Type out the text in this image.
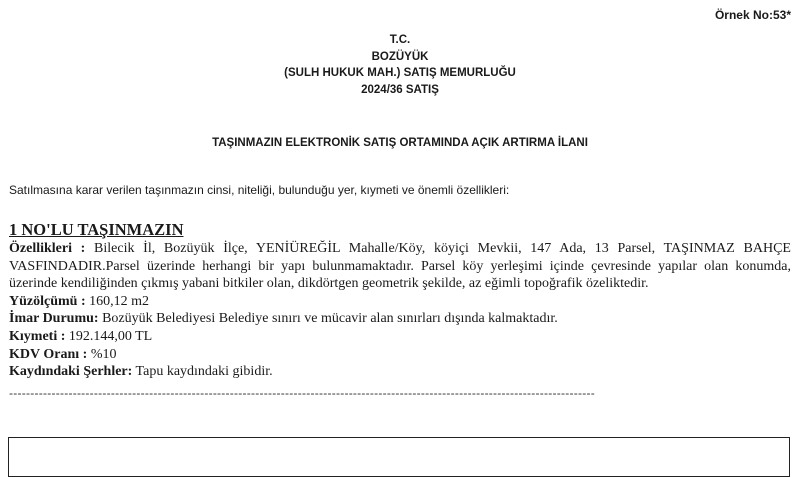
Örnek No:53*
T.C.
BOZÜYÜK
(SULH HUKUK MAH.) SATIŞ MEMURLUĞU
2024/36 SATIŞ
TAŞINMAZIN ELEKTRONİK SATIŞ ORTAMINDA AÇIK ARTIRMA İLANI
Satılmasına karar verilen taşınmazın cinsi, niteliği, bulunduğu yer, kıymeti ve önemli özellikleri:
1 NO'LU TAŞINMAZIN

Özellikleri : Bilecik İl, Bozüyük İlçe, YENİÜREĞİL Mahalle/Köy, köyiçi Mevkii, 147 Ada, 13 Parsel, TAŞINMAZ BAHÇE VASFINDADIR.Parsel üzerinde herhangi bir yapı bulunmamaktadır. Parsel köy yerleşimi içinde çevresinde yapılar olan konumda, üzerinde kendiliğinden çıkmış yabani bitkiler olan, dikdörtgen geometrik şekilde, az eğimli topoğrafik özeliktedir.

Yüzölçümü : 160,12 m2

İmar Durumu: Bozüyük Belediyesi Belediye sınırı ve mücavir alan sınırları dışında kalmaktadır.

Kıymeti : 192.144,00 TL

KDV Oranı : %10

Kaydındaki Şerhler: Tapu kaydındaki gibidir.

------------------------------------------------------------------------------------------------------------------------------------------
